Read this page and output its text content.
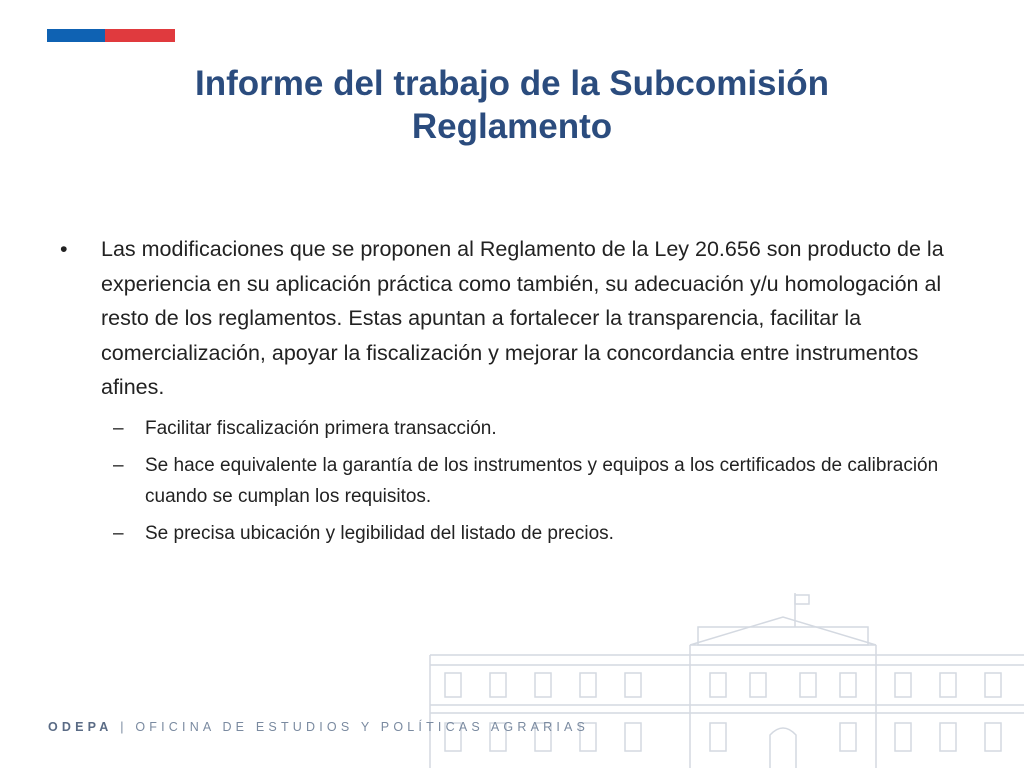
Informe del trabajo de la Subcomisión Reglamento

• Las modificaciones que se proponen al Reglamento de la Ley 20.656 son producto de la experiencia en su aplicación práctica como también, su adecuación y/u homologación al resto de los reglamentos. Estas apuntan a fortalecer la transparencia, facilitar la comercialización, apoyar la fiscalización y mejorar la concordancia entre instrumentos afines.

– Facilitar fiscalización primera transacción.

– Se hace equivalente la garantía de los instrumentos y equipos a los certificados de calibración cuando se cumplan los requisitos.

– Se precisa ubicación y legibilidad del listado de precios.

ODEPA | OFICINA DE ESTUDIOS Y POLÍTICAS AGRARIAS
